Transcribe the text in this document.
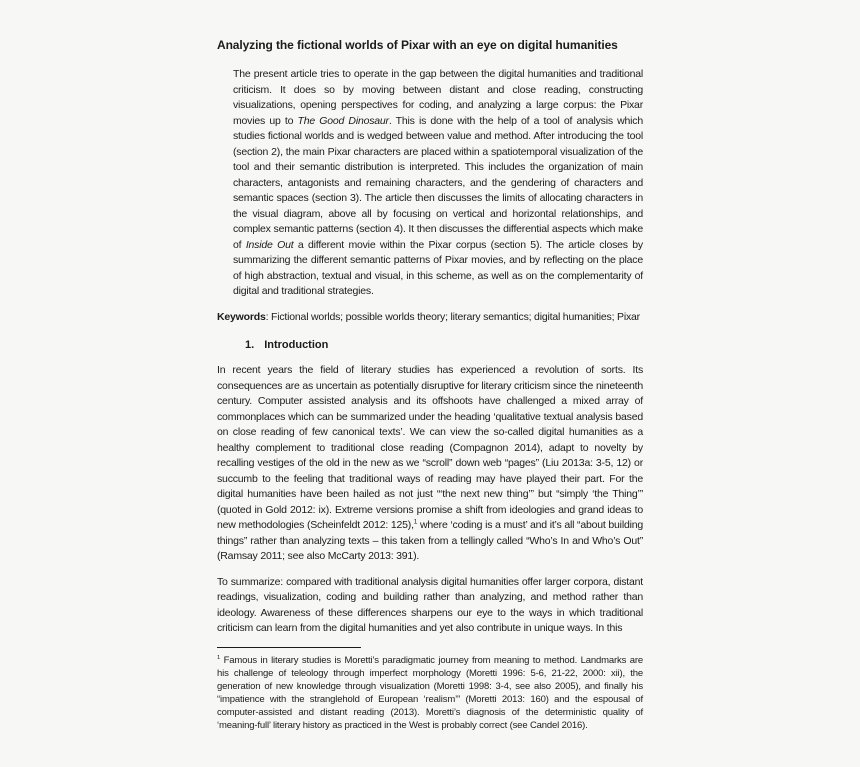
Analyzing the fictional worlds of Pixar with an eye on digital humanities

The present article tries to operate in the gap between the digital humanities and traditional criticism. It does so by moving between distant and close reading, constructing visualizations, opening perspectives for coding, and analyzing a large corpus: the Pixar movies up to The Good Dinosaur. This is done with the help of a tool of analysis which studies fictional worlds and is wedged between value and method. After introducing the tool (section 2), the main Pixar characters are placed within a spatiotemporal visualization of the tool and their semantic distribution is interpreted. This includes the organization of main characters, antagonists and remaining characters, and the gendering of characters and semantic spaces (section 3). The article then discusses the limits of allocating characters in the visual diagram, above all by focusing on vertical and horizontal relationships, and complex semantic patterns (section 4). It then discusses the differential aspects which make of Inside Out a different movie within the Pixar corpus (section 5). The article closes by summarizing the different semantic patterns of Pixar movies, and by reflecting on the place of high abstraction, textual and visual, in this scheme, as well as on the complementarity of digital and traditional strategies.

Keywords: Fictional worlds; possible worlds theory; literary semantics; digital humanities; Pixar

1. Introduction

In recent years the field of literary studies has experienced a revolution of sorts. Its consequences are as uncertain as potentially disruptive for literary criticism since the nineteenth century. Computer assisted analysis and its offshoots have challenged a mixed array of commonplaces which can be summarized under the heading ‘qualitative textual analysis based on close reading of few canonical texts’. We can view the so-called digital humanities as a healthy complement to traditional close reading (Compagnon 2014), adapt to novelty by recalling vestiges of the old in the new as we “scroll” down web “pages” (Liu 2013a: 3-5, 12) or succumb to the feeling that traditional ways of reading may have played their part. For the digital humanities have been hailed as not just “‘the next new thing’” but “simply ‘the Thing’” (quoted in Gold 2012: ix). Extreme versions promise a shift from ideologies and grand ideas to new methodologies (Scheinfeldt 2012: 125),$^1$ where ‘coding is a must’ and it’s all “about building things” rather than analyzing texts – this taken from a tellingly called “Who’s In and Who’s Out” (Ramsay 2011; see also McCarty 2013: 391).

To summarize: compared with traditional analysis digital humanities offer larger corpora, distant readings, visualization, coding and building rather than analyzing, and method rather than ideology. Awareness of these differences sharpens our eye to the ways in which traditional criticism can learn from the digital humanities and yet also contribute in unique ways. In this

$^1$ Famous in literary studies is Moretti’s paradigmatic journey from meaning to method. Landmarks are his challenge of teleology through imperfect morphology (Moretti 1996: 5-6, 21-22, 2000: xii), the generation of new knowledge through visualization (Moretti 1998: 3-4, see also 2005), and finally his “impatience with the stranglehold of European ‘realism’” (Moretti 2013: 160) and the espousal of computer-assisted and distant reading (2013). Moretti’s diagnosis of the deterministic quality of ‘meaning-full’ literary history as practiced in the West is probably correct (see Candel 2016).
